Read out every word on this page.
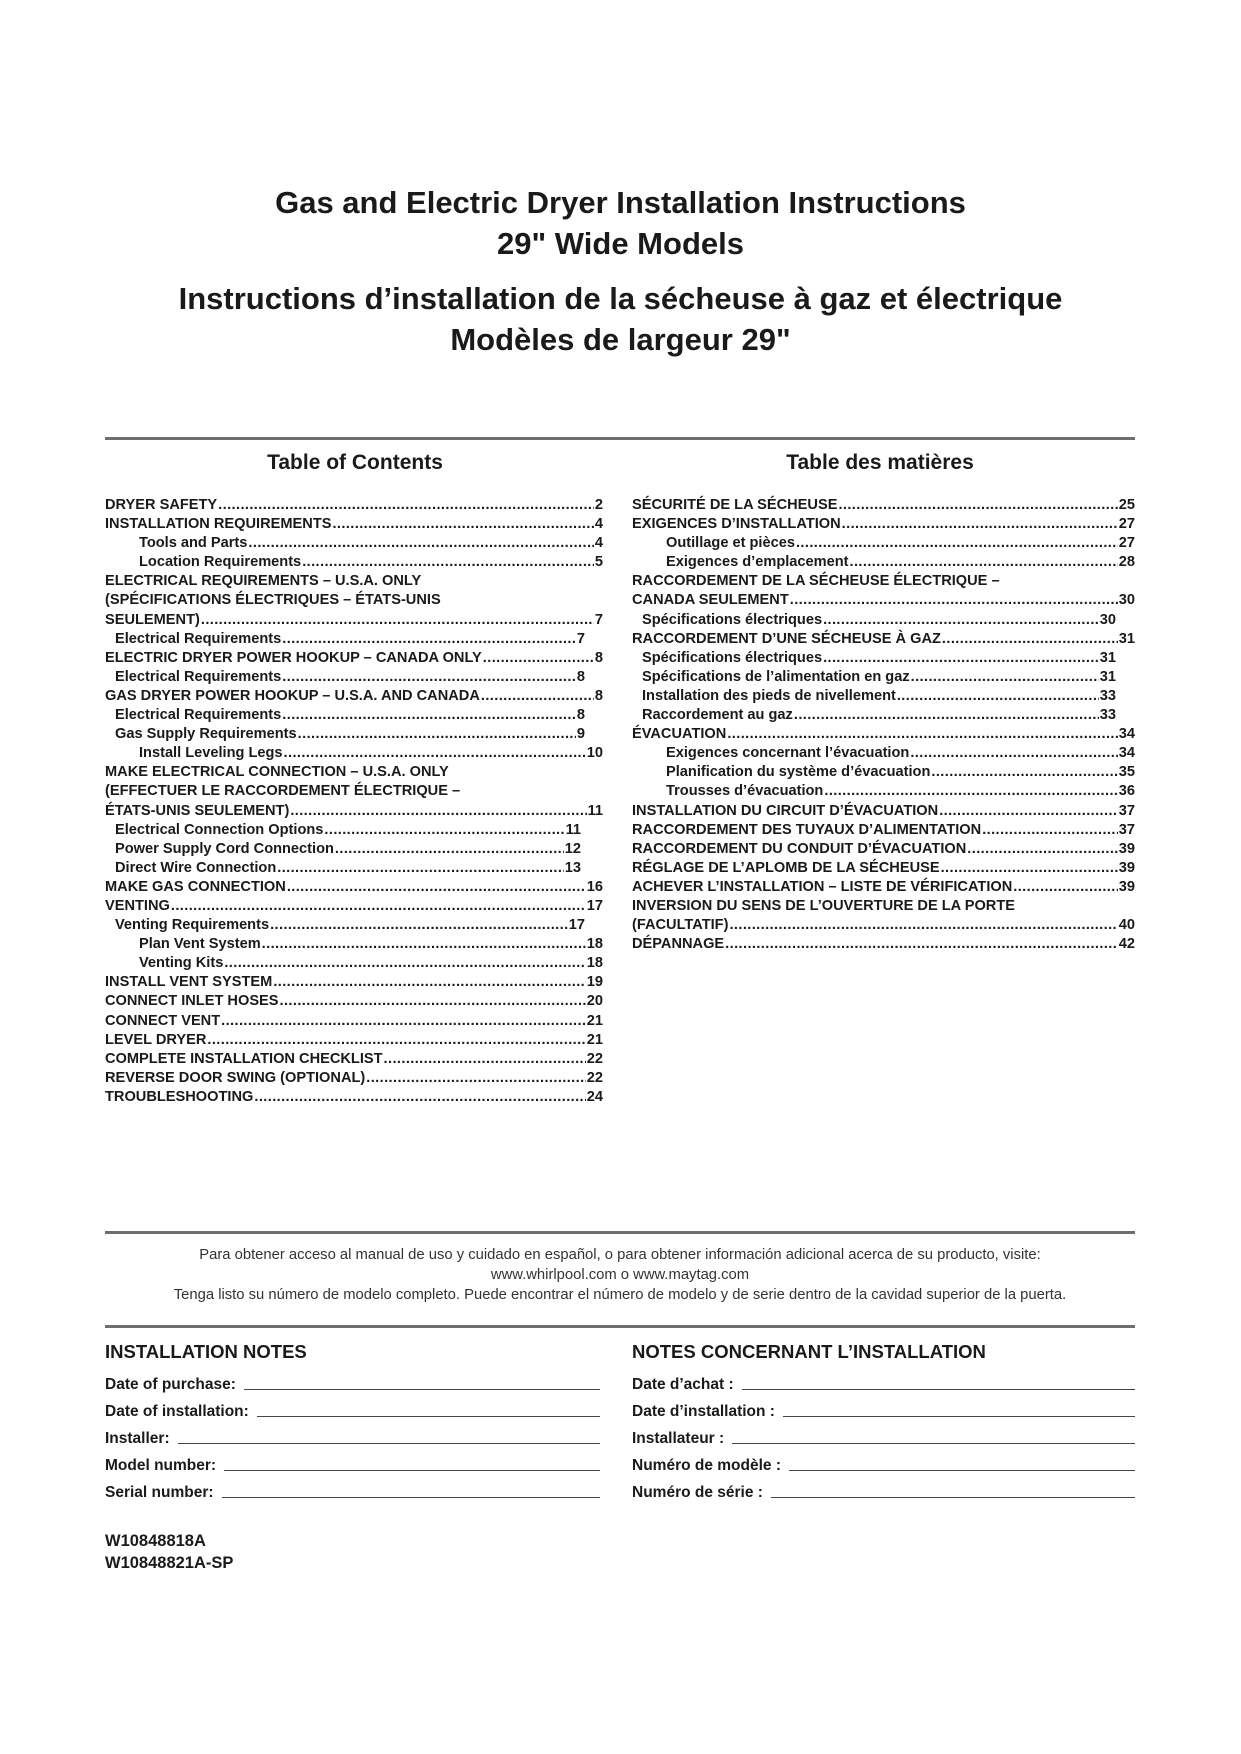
Gas and Electric Dryer Installation Instructions
29" Wide Models
Instructions d’installation de la sécheuse à gaz et électrique
Modèles de largeur 29"
Table of Contents	Table des matières
DRYER SAFETY .....	2
INSTALLATION REQUIREMENTS .....	4
Tools and Parts .....	4
Location Requirements .....	5
ELECTRICAL REQUIREMENTS – U.S.A. ONLY
(SPÉCIFICATIONS ÉLECTRIQUES – ÉTATS-UNIS
SEULEMENT) .....	7
Electrical Requirements .....	7
ELECTRIC DRYER POWER HOOKUP – CANADA ONLY .....	8
Electrical Requirements .....	8
GAS DRYER POWER HOOKUP – U.S.A. AND CANADA .....	8
Electrical Requirements .....	8
Gas Supply Requirements .....	9
Install Leveling Legs .....	10
MAKE ELECTRICAL CONNECTION – U.S.A. ONLY
(EFFECTUER LE RACCORDEMENT ÉLECTRIQUE –
ÉTATS-UNIS SEULEMENT) .....	11
Electrical Connection Options .....	11
Power Supply Cord Connection .....	12
Direct Wire Connection .....	13
MAKE GAS CONNECTION .....	16
VENTING .....	17
Venting Requirements .....	17
Plan Vent System .....	18
Venting Kits .....	18
INSTALL VENT SYSTEM .....	19
CONNECT INLET HOSES .....	20
CONNECT VENT .....	21
LEVEL DRYER .....	21
COMPLETE INSTALLATION CHECKLIST .....	22
REVERSE DOOR SWING (OPTIONAL) .....	22
TROUBLESHOOTING .....	24
SÉCURITÉ DE LA SÉCHEUSE .....	25
EXIGENCES D’INSTALLATION .....	27
Outillage et pièces .....	27
Exigences d’emplacement .....	28
RACCORDEMENT DE LA SÉCHEUSE ÉLECTRIQUE –
CANADA SEULEMENT .....	30
Spécifications électriques .....	30
RACCORDEMENT D’UNE SÉCHEUSE À GAZ .....	31
Spécifications électriques .....	31
Spécifications de l’alimentation en gaz .....	31
Installation des pieds de nivellement .....	33
Raccordement au gaz .....	33
ÉVACUATION .....	34
Exigences concernant l’évacuation .....	34
Planification du système d’évacuation .....	35
Trousses d’évacuation .....	36
INSTALLATION DU CIRCUIT D’ÉVACUATION .....	37
RACCORDEMENT DES TUYAUX D’ALIMENTATION .....	37
RACCORDEMENT DU CONDUIT D’ÉVACUATION .....	39
RÉGLAGE DE L’APLOMB DE LA SÉCHEUSE .....	39
ACHEVER L’INSTALLATION – LISTE DE VÉRIFICATION .....	39
INVERSION DU SENS DE L’OUVERTURE DE LA PORTE
(FACULTATIF) .....	40
DÉPANNAGE .....	42
Para obtener acceso al manual de uso y cuidado en español, o para obtener información adicional acerca de su producto, visite:
www.whirlpool.com o www.maytag.com
Tenga listo su número de modelo completo. Puede encontrar el número de modelo y de serie dentro de la cavidad superior de la puerta.
INSTALLATION NOTES
Date of purchase:
Date of installation:
Installer:
Model number:
Serial number:
NOTES CONCERNANT L’INSTALLATION
Date d’achat :
Date d’installation :
Installateur :
Numéro de modèle :
Numéro de série :
W10848818A
W10848821A-SP
